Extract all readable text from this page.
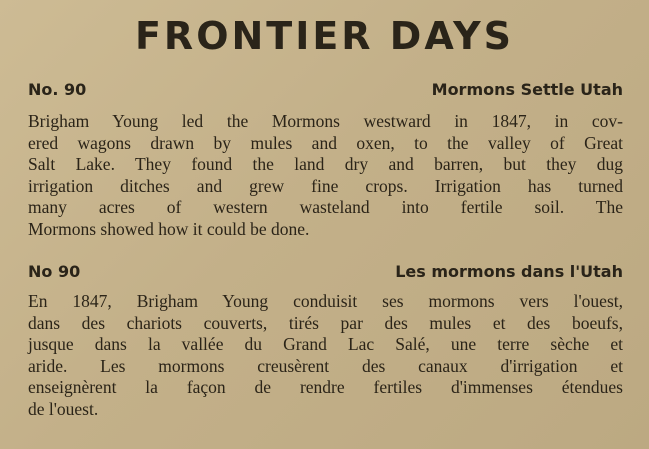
FRONTIER DAYS
No. 90	Mormons Settle Utah
Brigham Young led the Mormons westward in 1847, in cov-
ered wagons drawn by mules and oxen, to the valley of Great
Salt Lake. They found the land dry and barren, but they dug
irrigation ditches and grew fine crops. Irrigation has turned
many acres of western wasteland into fertile soil. The
Mormons showed how it could be done.
No 90	Les mormons dans l'Utah
En 1847, Brigham Young conduisit ses mormons vers l'ouest,
dans des chariots couverts, tirés par des mules et des boeufs,
jusque dans la vallée du Grand Lac Salé, une terre sèche et
aride. Les mormons creusèrent des canaux d'irrigation et
enseignèrent la façon de rendre fertiles d'immenses étendues
de l'ouest.
